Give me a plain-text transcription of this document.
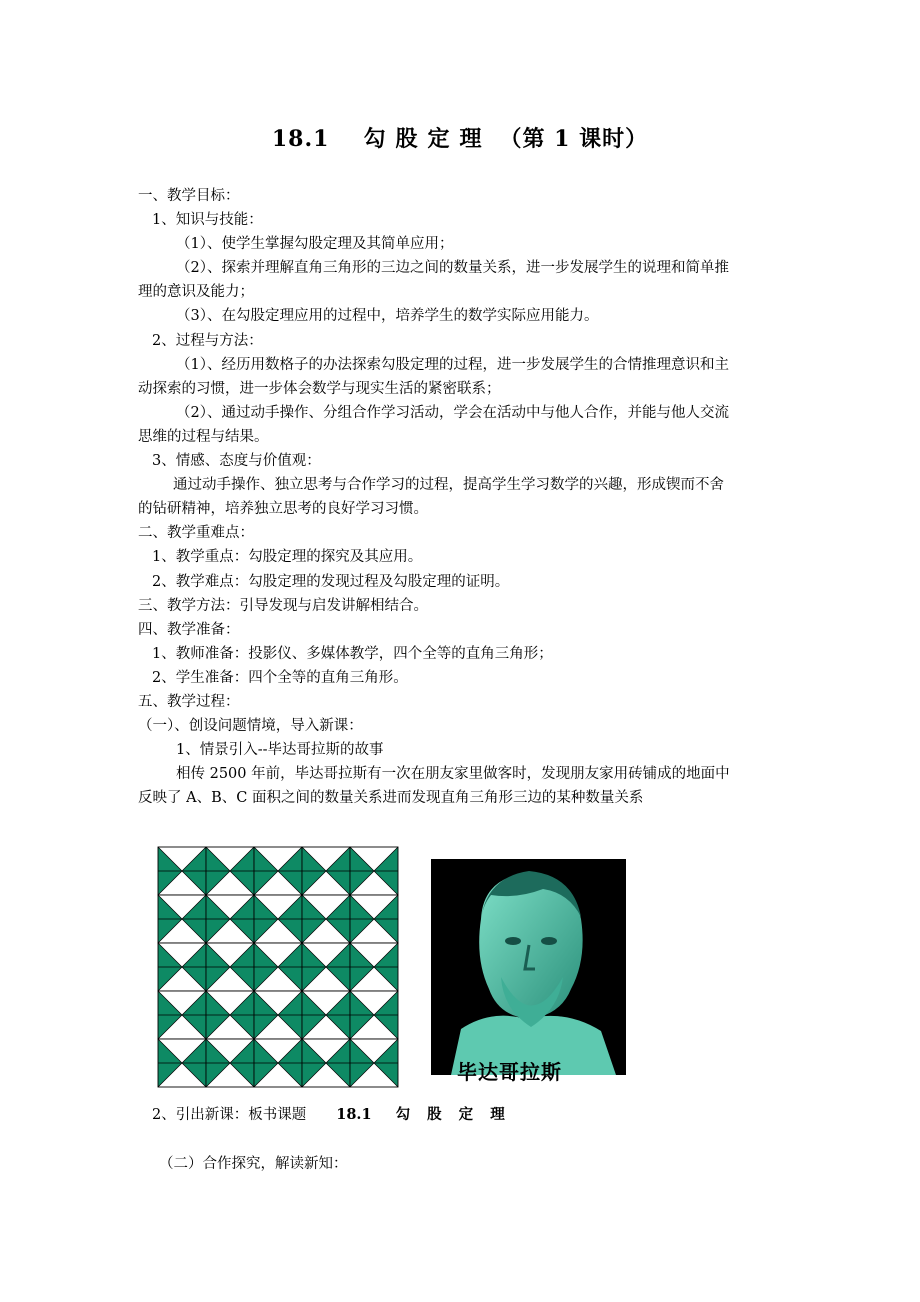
18.1 勾股定理 （第 1 课时）
一、教学目标：
1、知识与技能：
（1）、使学生掌握勾股定理及其简单应用；
（2）、探索并理解直角三角形的三边之间的数量关系，进一步发展学生的说理和简单推
理的意识及能力；
（3）、在勾股定理应用的过程中，培养学生的数学实际应用能力。
2、过程与方法：
（1）、经历用数格子的办法探索勾股定理的过程，进一步发展学生的合情推理意识和主
动探索的习惯，进一步体会数学与现实生活的紧密联系；
（2）、通过动手操作、分组合作学习活动，学会在活动中与他人合作，并能与他人交流
思维的过程与结果。
3、情感、态度与价值观：
通过动手操作、独立思考与合作学习的过程，提高学生学习数学的兴趣，形成锲而不舍
的钻研精神，培养独立思考的良好学习习惯。
二、教学重难点：
1、教学重点：勾股定理的探究及其应用。
2、教学难点：勾股定理的发现过程及勾股定理的证明。
三、教学方法：引导发现与启发讲解相结合。
四、教学准备：
1、教师准备：投影仪、多媒体教学，四个全等的直角三角形；
2、学生准备：四个全等的直角三角形。
五、教学过程：
（一）、创设问题情境，导入新课：
1、情景引入--毕达哥拉斯的故事
相传 2500 年前，毕达哥拉斯有一次在朋友家里做客时，发现朋友家用砖铺成的地面中
反映了 A、B、C 面积之间的数量关系进而发现直角三角形三边的某种数量关系
毕达哥拉斯
2、引出新课：板书课题 18.1 勾 股 定 理
（二）合作探究，解读新知：
